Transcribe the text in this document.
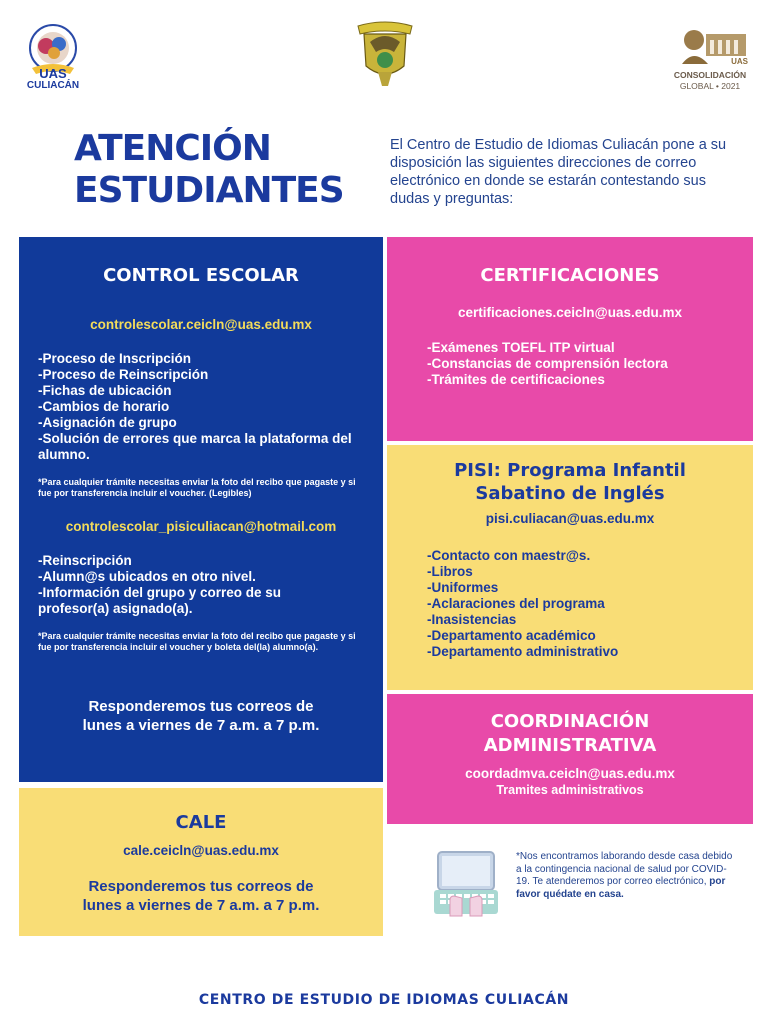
UAS
CULIACÁN
UAS
CONSOLIDACIÓN
GLOBAL • 2021
ATENCIÓN
ESTUDIANTES
El Centro de Estudio de Idiomas Culiacán pone a su disposición las siguientes direcciones de correo electrónico en donde se estarán contestando sus dudas y preguntas:
CONTROL ESCOLAR
controlescolar.ceicln@uas.edu.mx
-Proceso de Inscripción
-Proceso de Reinscripción
-Fichas de ubicación
-Cambios de horario
-Asignación de grupo
-Solución de errores que marca la plataforma del alumno.
*Para cualquier trámite necesitas enviar la foto del recibo que pagaste y si fue por transferencia incluir el voucher. (Legibles)
controlescolar_pisiculiacan@hotmail.com
-Reinscripción
-Alumn@s ubicados en otro nivel.
-Información del grupo y correo de su profesor(a) asignado(a).
*Para cualquier trámite necesitas enviar la foto del recibo que pagaste y si fue por transferencia incluir el voucher y boleta del(la) alumno(a).
Responderemos tus correos de
lunes a viernes de 7 a.m. a 7 p.m.
CERTIFICACIONES
certificaciones.ceicln@uas.edu.mx
-Exámenes TOEFL ITP virtual
-Constancias de comprensión lectora
-Trámites de certificaciones
PISI: Programa Infantil
Sabatino de Inglés
pisi.culiacan@uas.edu.mx
-Contacto con maestr@s.
-Libros
-Uniformes
-Aclaraciones del programa
-Inasistencias
-Departamento académico
-Departamento administrativo
COORDINACIÓN
ADMINISTRATIVA
coordadmva.ceicln@uas.edu.mx
Tramites administrativos
CALE
cale.ceicln@uas.edu.mx
Responderemos tus correos de
lunes a viernes de 7 a.m. a 7 p.m.
*Nos encontramos laborando desde casa debido a la contingencia nacional de salud por COVID-19. Te atenderemos por correo electrónico, por favor quédate en casa.
CENTRO DE ESTUDIO DE IDIOMAS CULIACÁN
